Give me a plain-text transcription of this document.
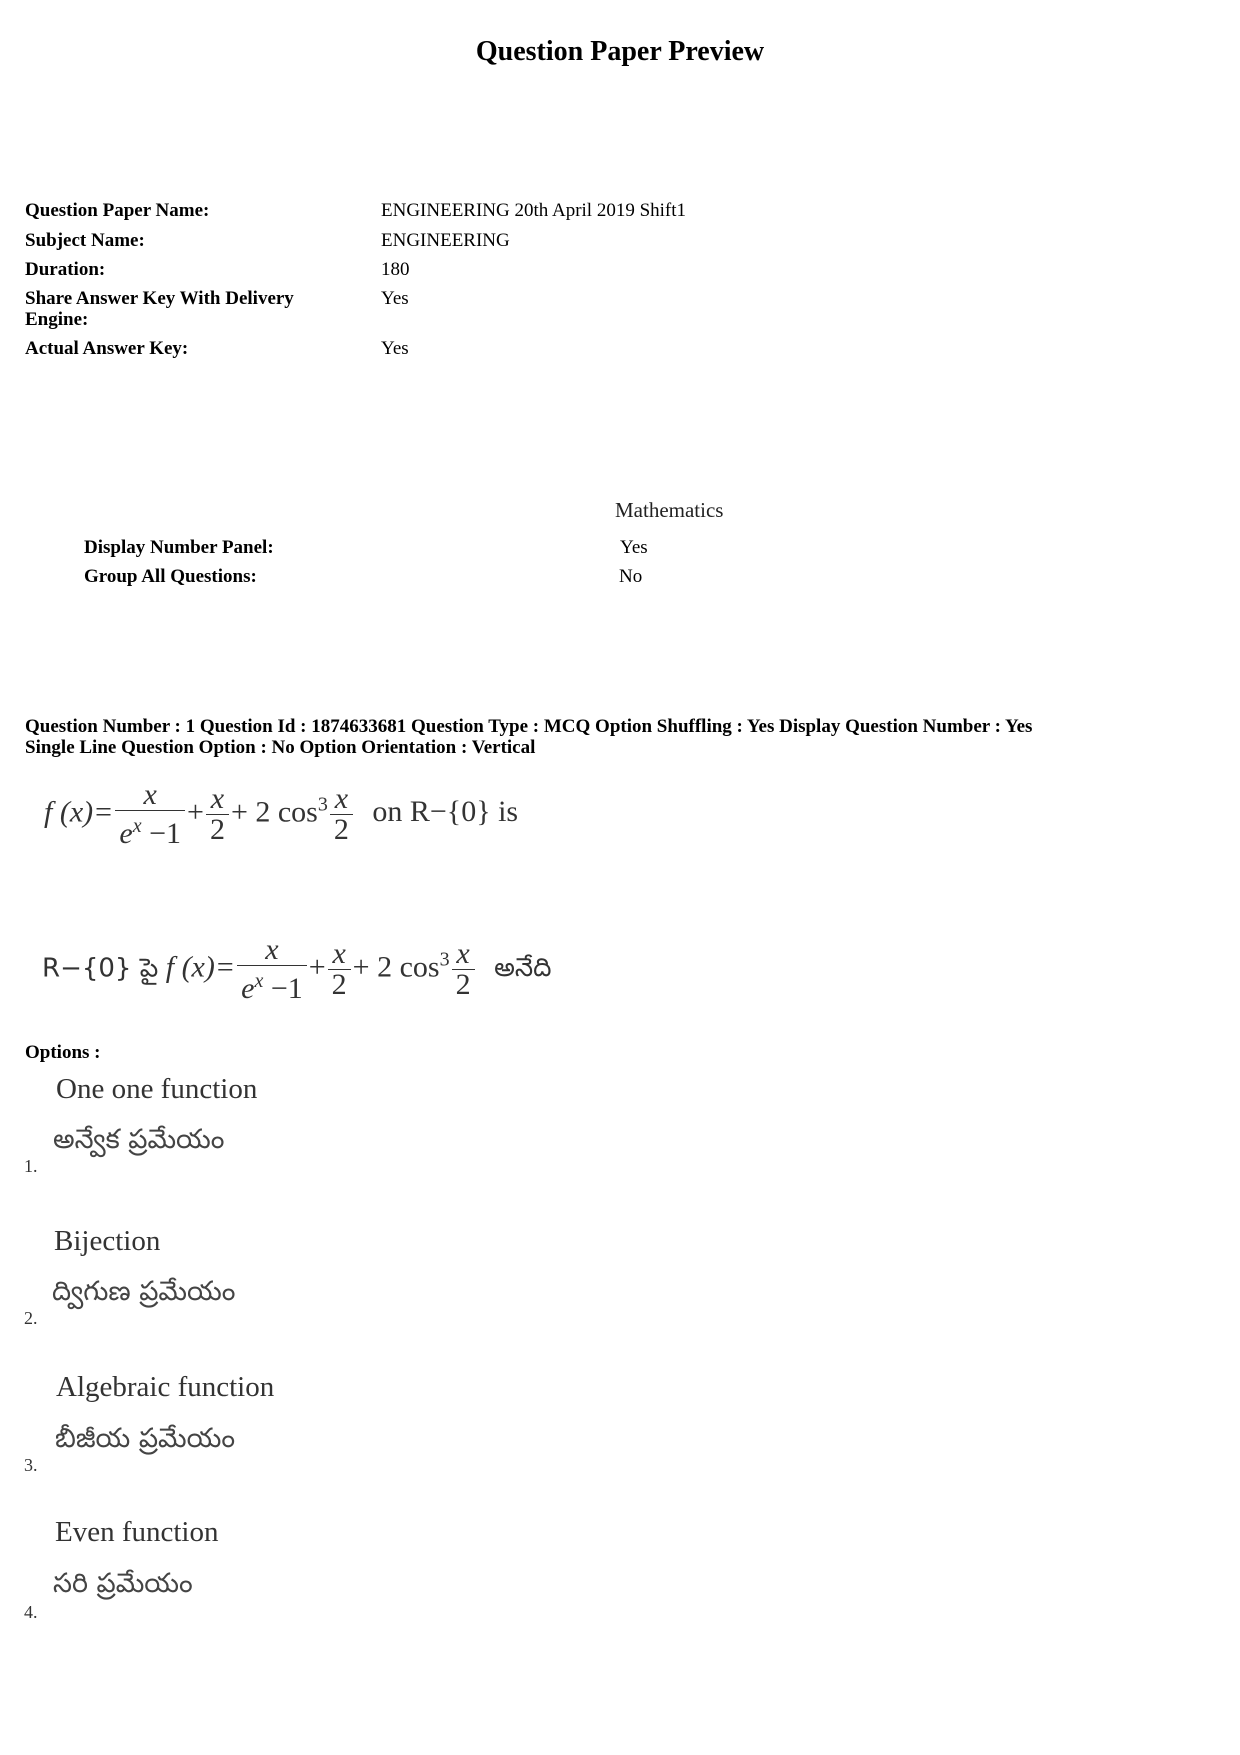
Question Paper Preview
Question Paper Name:	ENGINEERING 20th April 2019 Shift1
Subject Name:	ENGINEERING
Duration:	180
Share Answer Key With Delivery Engine:
Yes
Actual Answer Key:	Yes
Mathematics
Display Number Panel:	Yes
Group All Questions:	No
Question Number : 1 Question Id : 1874633681 Question Type : MCQ Option Shuffling : Yes Display Question Number : Yes
Single Line Question Option : No Option Orientation : Vertical
f $(x)= \frac{x}{e^x -1} + \frac{x}{2} + 2$ $\cos^3 \frac{x}{2}$ on R−{0} is
R−{0} పై f $(x)= \frac{x}{e^x -1} + \frac{x}{2} + 2$ $\cos^3 \frac{x}{2}$ అనేది
Options :
One one function
అన్వేక ప్రమేయం
1.
Bijection
ద్విగుణ ప్రమేయం
2.
Algebraic function
బీజీయ ప్రమేయం
3.
Even function
సరి ప్రమేయం
4.
